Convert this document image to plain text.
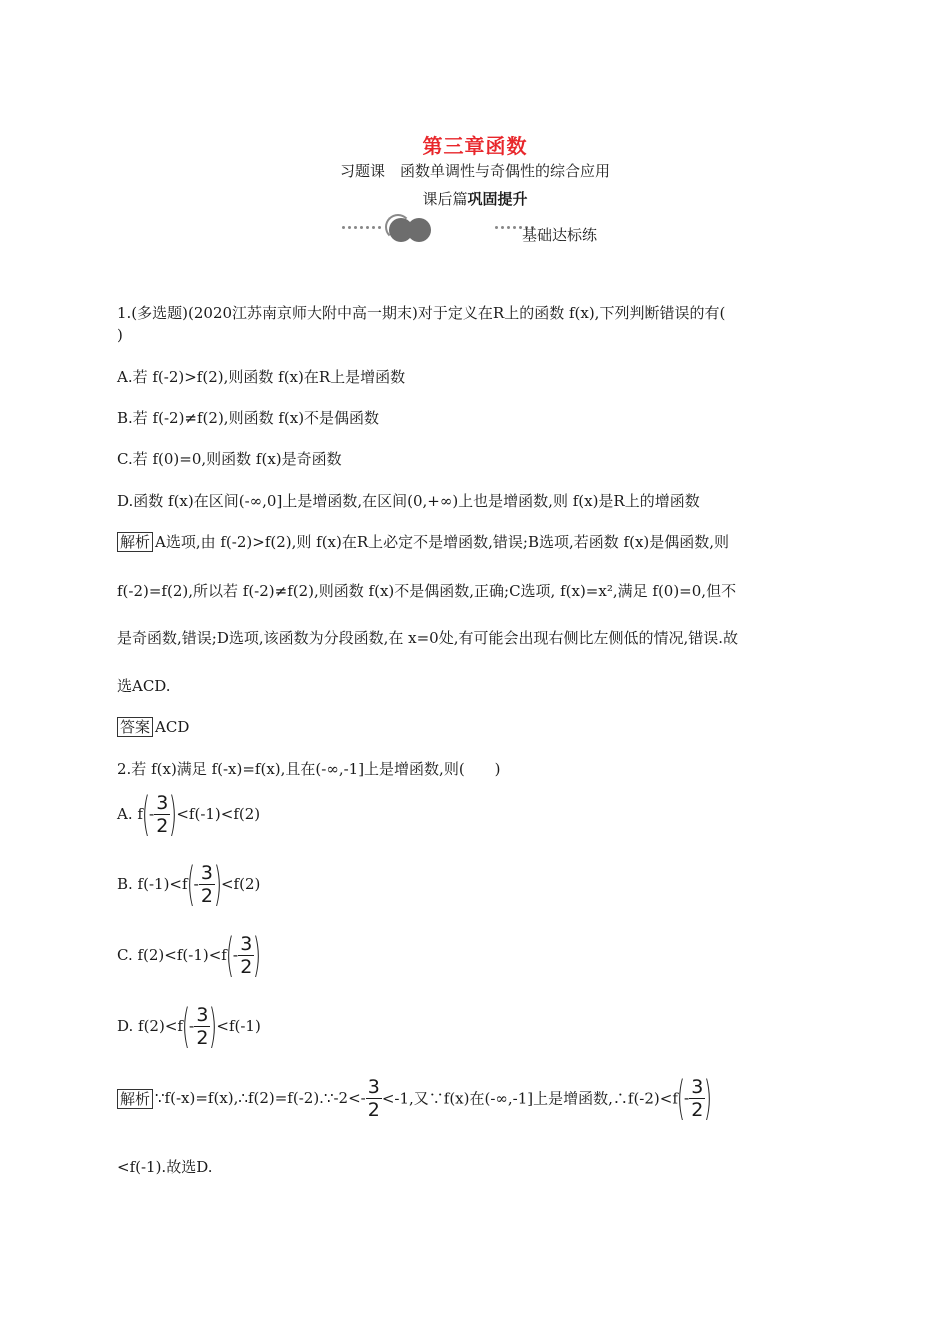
第三章函数
习题课　函数单调性与奇偶性的综合应用
课后篇巩固提升
基础达标练
1.(多选题)(2020江苏南京师大附中高一期末)对于定义在R上的函数 f(x),下列判断错误的有(
)
A.若 f(-2)>f(2),则函数 f(x)在R上是增函数
B.若 f(-2)≠f(2),则函数 f(x)不是偶函数
C.若 f(0)=0,则函数 f(x)是奇函数
D.函数 f(x)在区间(-∞,0]上是增函数,在区间(0,+∞)上也是增函数,则 f(x)是R上的增函数
解析 A选项,由 f(-2)>f(2),则 f(x)在R上必定不是增函数,错误;B选项,若函数 f(x)是偶函数,则
f(-2)=f(2),所以若 f(-2)≠f(2),则函数 f(x)不是偶函数,正确;C选项, f(x)=x²,满足 f(0)=0,但不
是奇函数,错误;D选项,该函数为分段函数,在 x=0处,有可能会出现右侧比左侧低的情况,错误.故
选ACD.
答案 ACD
2.若 f(x)满足 f(-x)=f(x),且在(-∞,-1]上是增函数,则(　　)
A. $f(- \frac{3}{2}$
)<f(-1)<f(2)
B. $f(-1)<f(- \frac{3}{2}$
)<f(2)
C. $f(2)<f(-1)<f(- \frac{3}{2}$
)
D. $f(2)<f(- \frac{3}{2}$
)<f(-1)
解析 ∵f(-x)=f(x),∴f(2)=f(-2).∵-2<- $\frac{3}{2} <-1$,又∵f(x)在(-∞,-1]上是增函数,∴f(-2)<f(- $\frac{3}{2}$
)
<f(-1).故选D.
